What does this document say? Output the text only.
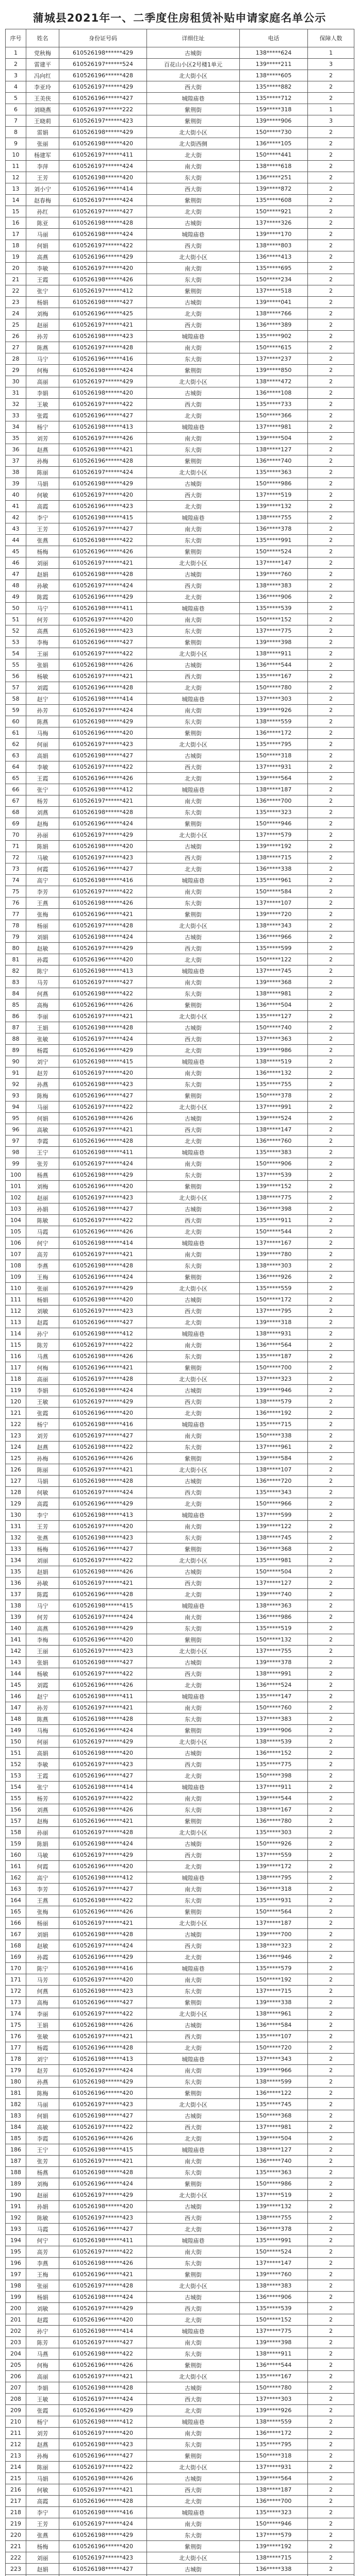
蒲城县2021年一、二季度住房租赁补贴申请家庭名单公示
序号	姓名	身份证号码	详细住址	电话	保障人数
1	党秋梅	610526198******429	古城街	138*****624	1
2	雷建平	610526197******524	百花山小区2号楼1单元	139*****211	3
3	冯向红	610526196******428	北大街小区	138*****605	2
4	李亚玲	610526197******429	西大街	135*****882	2
5	王美侠	610526196******427	城隍庙巷	135*****712	2
6	刘晓燕	610526197******222	紫荆街	159*****318	1
7	王晓莉	610526197******423	紫荆街	139*****906	3
8	雷娟	610526198******429	北大街小区	150*****730	2
9	张丽	610526198******420	北大街西侧	136*****105	2
10	杨建军	610526197******411	北大街	150*****441	2
11	李萍	610526197******424	南大街	138*****618	2
12	王芳	610526198******420	东大街	136*****251	2
13	刘小宁	610526196******414	西大街	139*****872	2
14	赵春梅	610526197******424	紫荆街	135*****608	2
15	孙红	610526197******427	北大街	150*****921	2
16	陈亚	610526198******428	古城街	137*****326	2
17	马丽	610526198******424	城隍庙巷	139*****170	2
18	何娟	610526197******422	西大街	138*****803	2
19	高燕	610526196******429	北大街小区	136*****413	2
20	李敏	610526197******420	南大街	135*****695	2
21	王霞	610526198******426	东大街	150*****234	2
22	张宁	610526197******412	紫荆街	137*****518	2
23	杨娟	610526198******427	古城街	139*****041	2
24	刘梅	610526196******425	北大街	138*****766	2
25	赵丽	610526197******421	西大街	136*****389	2
26	孙芳	610526198******423	城隍庙巷	135*****902	2
27	陈燕	610526197******428	南大街	150*****615	2
28	马宁	610526196******416	东大街	137*****237	2
29	何梅	610526198******424	紫荆街	139*****850	2
30	高丽	610526197******429	北大街小区	138*****472	2
31	李娟	610526198******420	古城街	136*****108	2
32	王敏	610526197******422	西大街	135*****733	2
33	张霞	610526196******427	北大街	150*****366	2
34	杨宁	610526198******413	城隍庙巷	137*****981	2
35	刘芳	610526197******426	南大街	139*****504	2
36	赵燕	610526198******421	东大街	138*****127	2
37	孙梅	610526196******428	紫荆街	136*****740	2
38	陈丽	610526197******424	北大街小区	135*****363	2
39	马娟	610526198******429	古城街	150*****986	2
40	何敏	610526197******420	西大街	137*****519	2
41	高霞	610526196******423	北大街	139*****132	2
42	李宁	610526198******415	城隍庙巷	138*****755	2
43	王芳	610526197******427	南大街	136*****378	2
44	张燕	610526198******422	东大街	135*****991	2
45	杨梅	610526196******426	紫荆街	150*****524	2
46	刘丽	610526197******421	北大街小区	137*****147	2
47	赵娟	610526198******428	古城街	139*****760	2
48	孙敏	610526197******424	西大街	138*****383	2
49	陈霞	610526196******429	北大街	136*****906	2
50	马宁	610526198******411	城隍庙巷	135*****539	2
51	何芳	610526197******420	南大街	150*****152	2
52	高燕	610526198******423	东大街	137*****775	2
53	李梅	610526196******427	紫荆街	139*****398	2
54	王丽	610526197******422	北大街小区	138*****911	2
55	张娟	610526198******426	古城街	136*****544	2
56	杨敏	610526197******421	西大街	135*****167	2
57	刘霞	610526196******428	北大街	150*****780	2
58	赵宁	610526198******414	城隍庙巷	137*****303	2
59	孙芳	610526197******424	南大街	139*****926	2
60	陈燕	610526198******429	东大街	138*****559	2
61	马梅	610526196******420	紫荆街	136*****172	2
62	何丽	610526197******423	北大街小区	135*****795	2
63	高娟	610526198******427	古城街	150*****318	2
64	李敏	610526197******422	西大街	137*****931	2
65	王霞	610526196******426	北大街	139*****564	2
66	张宁	610526198******412	城隍庙巷	138*****187	2
67	杨芳	610526197******421	南大街	136*****700	2
68	刘燕	610526198******428	东大街	135*****323	2
69	赵梅	610526196******424	紫荆街	150*****946	2
70	孙丽	610526197******429	北大街小区	137*****579	2
71	陈娟	610526198******420	古城街	139*****192	2
72	马敏	610526197******423	西大街	138*****715	2
73	何霞	610526196******427	北大街	136*****338	2
74	高宁	610526198******416	城隍庙巷	135*****961	2
75	李芳	610526197******422	南大街	150*****584	2
76	王燕	610526198******426	东大街	137*****107	2
77	张梅	610526196******421	紫荆街	139*****720	2
78	杨丽	610526197******428	北大街小区	138*****343	2
79	刘娟	610526198******424	古城街	136*****966	2
80	赵敏	610526197******429	西大街	135*****599	2
81	孙霞	610526196******420	北大街	150*****122	2
82	陈宁	610526198******413	城隍庙巷	137*****745	2
83	马芳	610526197******427	南大街	139*****368	2
84	何燕	610526198******422	东大街	138*****981	2
85	高梅	610526196******426	紫荆街	136*****504	2
86	李丽	610526197******421	北大街小区	135*****127	2
87	王娟	610526198******428	古城街	150*****740	2
88	张敏	610526197******424	西大街	137*****363	2
89	杨霞	610526196******429	北大街	139*****986	2
90	刘宁	610526198******415	城隍庙巷	138*****519	2
91	赵芳	610526197******420	南大街	136*****132	2
92	孙燕	610526198******423	东大街	135*****755	2
93	陈梅	610526196******427	紫荆街	150*****378	2
94	马丽	610526197******422	北大街小区	137*****991	2
95	何娟	610526198******426	古城街	139*****524	2
96	高敏	610526197******421	西大街	138*****147	2
97	李霞	610526196******428	北大街	136*****760	2
98	王宁	610526198******411	城隍庙巷	135*****383	2
99	张芳	610526197******424	南大街	150*****906	2
100	杨燕	610526198******429	东大街	137*****539	2
101	刘梅	610526196******420	紫荆街	139*****152	2
102	赵丽	610526197******423	北大街小区	138*****775	2
103	孙娟	610526198******427	古城街	136*****398	2
104	陈敏	610526197******422	西大街	135*****911	2
105	马霞	610526196******426	北大街	150*****544	2
106	何宁	610526198******414	城隍庙巷	137*****167	2
107	高芳	610526197******421	南大街	139*****780	2
108	李燕	610526198******428	东大街	138*****303	2
109	王梅	610526196******424	紫荆街	136*****926	2
110	张丽	610526197******429	北大街小区	135*****559	2
111	杨娟	610526198******420	古城街	150*****172	2
112	刘敏	610526197******423	西大街	137*****795	2
113	赵霞	610526196******427	北大街	139*****318	2
114	孙宁	610526198******412	城隍庙巷	138*****931	2
115	陈芳	610526197******422	南大街	136*****564	2
116	马燕	610526198******426	东大街	135*****187	2
117	何梅	610526196******421	紫荆街	150*****700	2
118	高丽	610526197******428	北大街小区	137*****323	2
119	李娟	610526198******424	古城街	139*****946	2
120	王敏	610526197******429	西大街	138*****579	2
121	张霞	610526196******420	北大街	136*****192	2
122	杨宁	610526198******416	城隍庙巷	135*****715	2
123	刘芳	610526197******427	南大街	150*****338	2
124	赵燕	610526198******422	东大街	137*****961	2
125	孙梅	610526196******426	紫荆街	139*****584	2
126	陈丽	610526197******421	北大街小区	138*****107	2
127	马娟	610526198******428	古城街	136*****720	2
128	何敏	610526197******424	西大街	135*****343	2
129	高霞	610526196******429	北大街	150*****966	2
130	李宁	610526198******413	城隍庙巷	137*****599	2
131	王芳	610526197******420	南大街	139*****122	2
132	张燕	610526198******423	东大街	138*****745	2
133	杨梅	610526196******427	紫荆街	136*****368	2
134	刘丽	610526197******422	北大街小区	135*****981	2
135	赵娟	610526198******426	古城街	150*****504	2
136	孙敏	610526197******421	西大街	137*****127	2
137	陈霞	610526196******428	北大街	139*****740	2
138	马宁	610526198******415	城隍庙巷	138*****363	2
139	何芳	610526197******424	南大街	136*****986	2
140	高燕	610526198******429	东大街	135*****519	2
141	李梅	610526196******420	紫荆街	150*****132	2
142	王丽	610526197******423	北大街小区	137*****755	2
143	张娟	610526198******427	古城街	139*****378	2
144	杨敏	610526197******422	西大街	138*****991	2
145	刘霞	610526196******426	北大街	136*****524	2
146	赵宁	610526198******411	城隍庙巷	135*****147	2
147	孙芳	610526197******421	南大街	150*****760	2
148	陈燕	610526198******428	东大街	137*****383	2
149	马梅	610526196******424	紫荆街	139*****906	2
150	何丽	610526197******429	北大街小区	138*****539	2
151	高娟	610526198******420	古城街	136*****152	2
152	李敏	610526197******423	西大街	135*****775	2
153	王霞	610526196******427	北大街	150*****398	2
154	张宁	610526198******414	城隍庙巷	137*****911	2
155	杨芳	610526197******422	南大街	139*****544	2
156	刘燕	610526198******426	东大街	138*****167	2
157	赵梅	610526196******421	紫荆街	136*****780	2
158	孙丽	610526197******428	北大街小区	135*****303	2
159	陈娟	610526198******424	古城街	150*****926	2
160	马敏	610526197******429	西大街	137*****559	2
161	何霞	610526196******420	北大街	139*****172	2
162	高宁	610526198******412	城隍庙巷	138*****795	2
163	李芳	610526197******427	南大街	136*****318	2
164	王燕	610526198******422	东大街	135*****931	2
165	张梅	610526196******426	紫荆街	150*****564	2
166	杨丽	610526197******421	北大街小区	137*****187	2
167	刘娟	610526198******428	古城街	139*****700	2
168	赵敏	610526197******424	西大街	138*****323	2
169	孙霞	610526196******429	北大街	136*****946	2
170	陈宁	610526198******416	城隍庙巷	135*****579	2
171	马芳	610526197******420	南大街	150*****192	2
172	何燕	610526198******423	东大街	137*****715	2
173	高梅	610526196******427	紫荆街	139*****338	2
174	李丽	610526197******422	北大街小区	138*****961	2
175	王娟	610526198******426	古城街	136*****584	2
176	张敏	610526197******421	西大街	135*****107	2
177	杨霞	610526196******428	北大街	150*****720	2
178	刘宁	610526198******413	城隍庙巷	137*****343	2
179	赵芳	610526197******424	南大街	139*****966	2
180	孙燕	610526198******429	东大街	138*****599	2
181	陈梅	610526196******420	紫荆街	136*****122	2
182	马丽	610526197******423	北大街小区	135*****745	2
183	何娟	610526198******427	古城街	150*****368	2
184	高敏	610526197******422	西大街	137*****981	2
185	李霞	610526196******426	北大街	139*****504	2
186	王宁	610526198******415	城隍庙巷	138*****127	2
187	张芳	610526197******421	南大街	136*****740	2
188	杨燕	610526198******428	东大街	135*****363	2
189	刘梅	610526196******424	紫荆街	150*****986	2
190	赵丽	610526197******429	北大街小区	137*****519	2
191	孙娟	610526198******420	古城街	139*****132	2
192	陈敏	610526197******423	西大街	138*****755	2
193	马霞	610526196******427	北大街	136*****378	2
194	何宁	610526198******411	城隍庙巷	135*****991	2
195	高芳	610526197******422	南大街	150*****524	2
196	李燕	610526198******426	东大街	137*****147	2
197	王梅	610526196******421	紫荆街	139*****760	2
198	张丽	610526197******428	北大街小区	138*****383	2
199	杨娟	610526198******424	古城街	136*****906	2
200	刘敏	610526197******429	西大街	135*****539	2
201	赵霞	610526196******420	北大街	150*****152	2
202	孙宁	610526198******414	城隍庙巷	137*****775	2
203	陈芳	610526197******427	南大街	139*****398	2
204	马燕	610526198******422	东大街	138*****911	2
205	何梅	610526196******426	紫荆街	136*****544	2
206	高丽	610526197******421	北大街小区	135*****167	2
207	李娟	610526198******428	古城街	150*****780	2
208	王敏	610526197******424	西大街	137*****303	2
209	张霞	610526196******429	北大街	139*****926	2
210	杨宁	610526198******412	城隍庙巷	138*****559	2
211	刘芳	610526197******420	南大街	136*****172	2
212	赵燕	610526198******423	东大街	135*****795	2
213	孙梅	610526196******427	紫荆街	150*****318	2
214	陈丽	610526197******422	北大街小区	137*****931	2
215	马娟	610526198******426	古城街	139*****564	2
216	何敏	610526197******421	西大街	138*****187	2
217	高霞	610526196******428	北大街	136*****700	2
218	李宁	610526198******416	城隍庙巷	135*****323	2
219	王芳	610526197******424	南大街	150*****946	2
220	张燕	610526198******429	东大街	137*****579	2
221	杨梅	610526196******420	紫荆街	139*****192	2
222	刘丽	610526197******423	北大街小区	138*****715	2
223	赵娟	610526198******427	古城街	136*****338	2
